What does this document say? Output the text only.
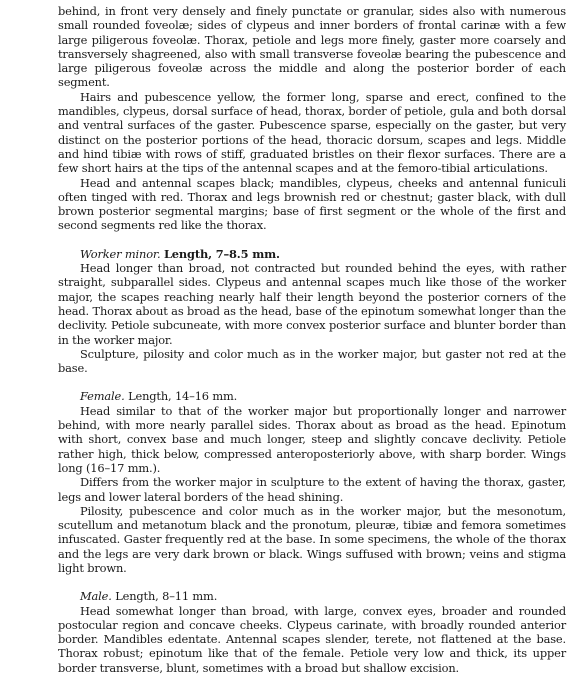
behind, in front very densely and finely punctate or granular, sides also with numerous small rounded foveolæ; sides of clypeus and inner borders of frontal carinæ with a few large piligerous foveolæ. Thorax, petiole and legs more finely, gaster more coarsely and transversely shagreened, also with small transverse foveolæ bearing the pubescence and large piligerous foveolæ across the middle and along the posterior border of each segment.

Hairs and pubescence yellow, the former long, sparse and erect, confined to the mandibles, clypeus, dorsal surface of head, thorax, border of petiole, gula and both dorsal and ventral surfaces of the gaster. Pubescence sparse, especially on the gaster, but very distinct on the posterior portions of the head, thoracic dorsum, scapes and legs. Middle and hind tibiæ with rows of stiff, graduated bristles on their flexor surfaces. There are a few short hairs at the tips of the antennal scapes and at the femoro-tibial articulations.

Head and antennal scapes black; mandibles, clypeus, cheeks and antennal funiculi often tinged with red. Thorax and legs brownish red or chestnut; gaster black, with dull brown posterior segmental margins; base of first segment or the whole of the first and second segments red like the thorax.

Worker minor. Length, 7–8.5 mm.

Head longer than broad, not contracted but rounded behind the eyes, with rather straight, subparallel sides. Clypeus and antennal scapes much like those of the worker major, the scapes reaching nearly half their length beyond the posterior corners of the head. Thorax about as broad as the head, base of the epinotum somewhat longer than the declivity. Petiole subcuneate, with more convex posterior surface and blunter border than in the worker major.

Sculpture, pilosity and color much as in the worker major, but gaster not red at the base.

Female. Length, 14–16 mm.

Head similar to that of the worker major but proportionally longer and narrower behind, with more nearly parallel sides. Thorax about as broad as the head. Epinotum with short, convex base and much longer, steep and slightly concave declivity. Petiole rather high, thick below, compressed anteroposteriorly above, with sharp border. Wings long (16–17 mm.).

Differs from the worker major in sculpture to the extent of having the thorax, gaster, legs and lower lateral borders of the head shining.

Pilosity, pubescence and color much as in the worker major, but the mesonotum, scutellum and metanotum black and the pronotum, pleuræ, tibiæ and femora sometimes infuscated. Gaster frequently red at the base. In some specimens, the whole of the thorax and the legs are very dark brown or black. Wings suffused with brown; veins and stigma light brown.

Male. Length, 8–11 mm.

Head somewhat longer than broad, with large, convex eyes, broader and rounded postocular region and concave cheeks. Clypeus carinate, with broadly rounded anterior border. Mandibles edentate. Antennal scapes slender, terete, not flattened at the base. Thorax robust; epinotum like that of the female. Petiole very low and thick, its upper border transverse, blunt, sometimes with a broad but shallow excision.
